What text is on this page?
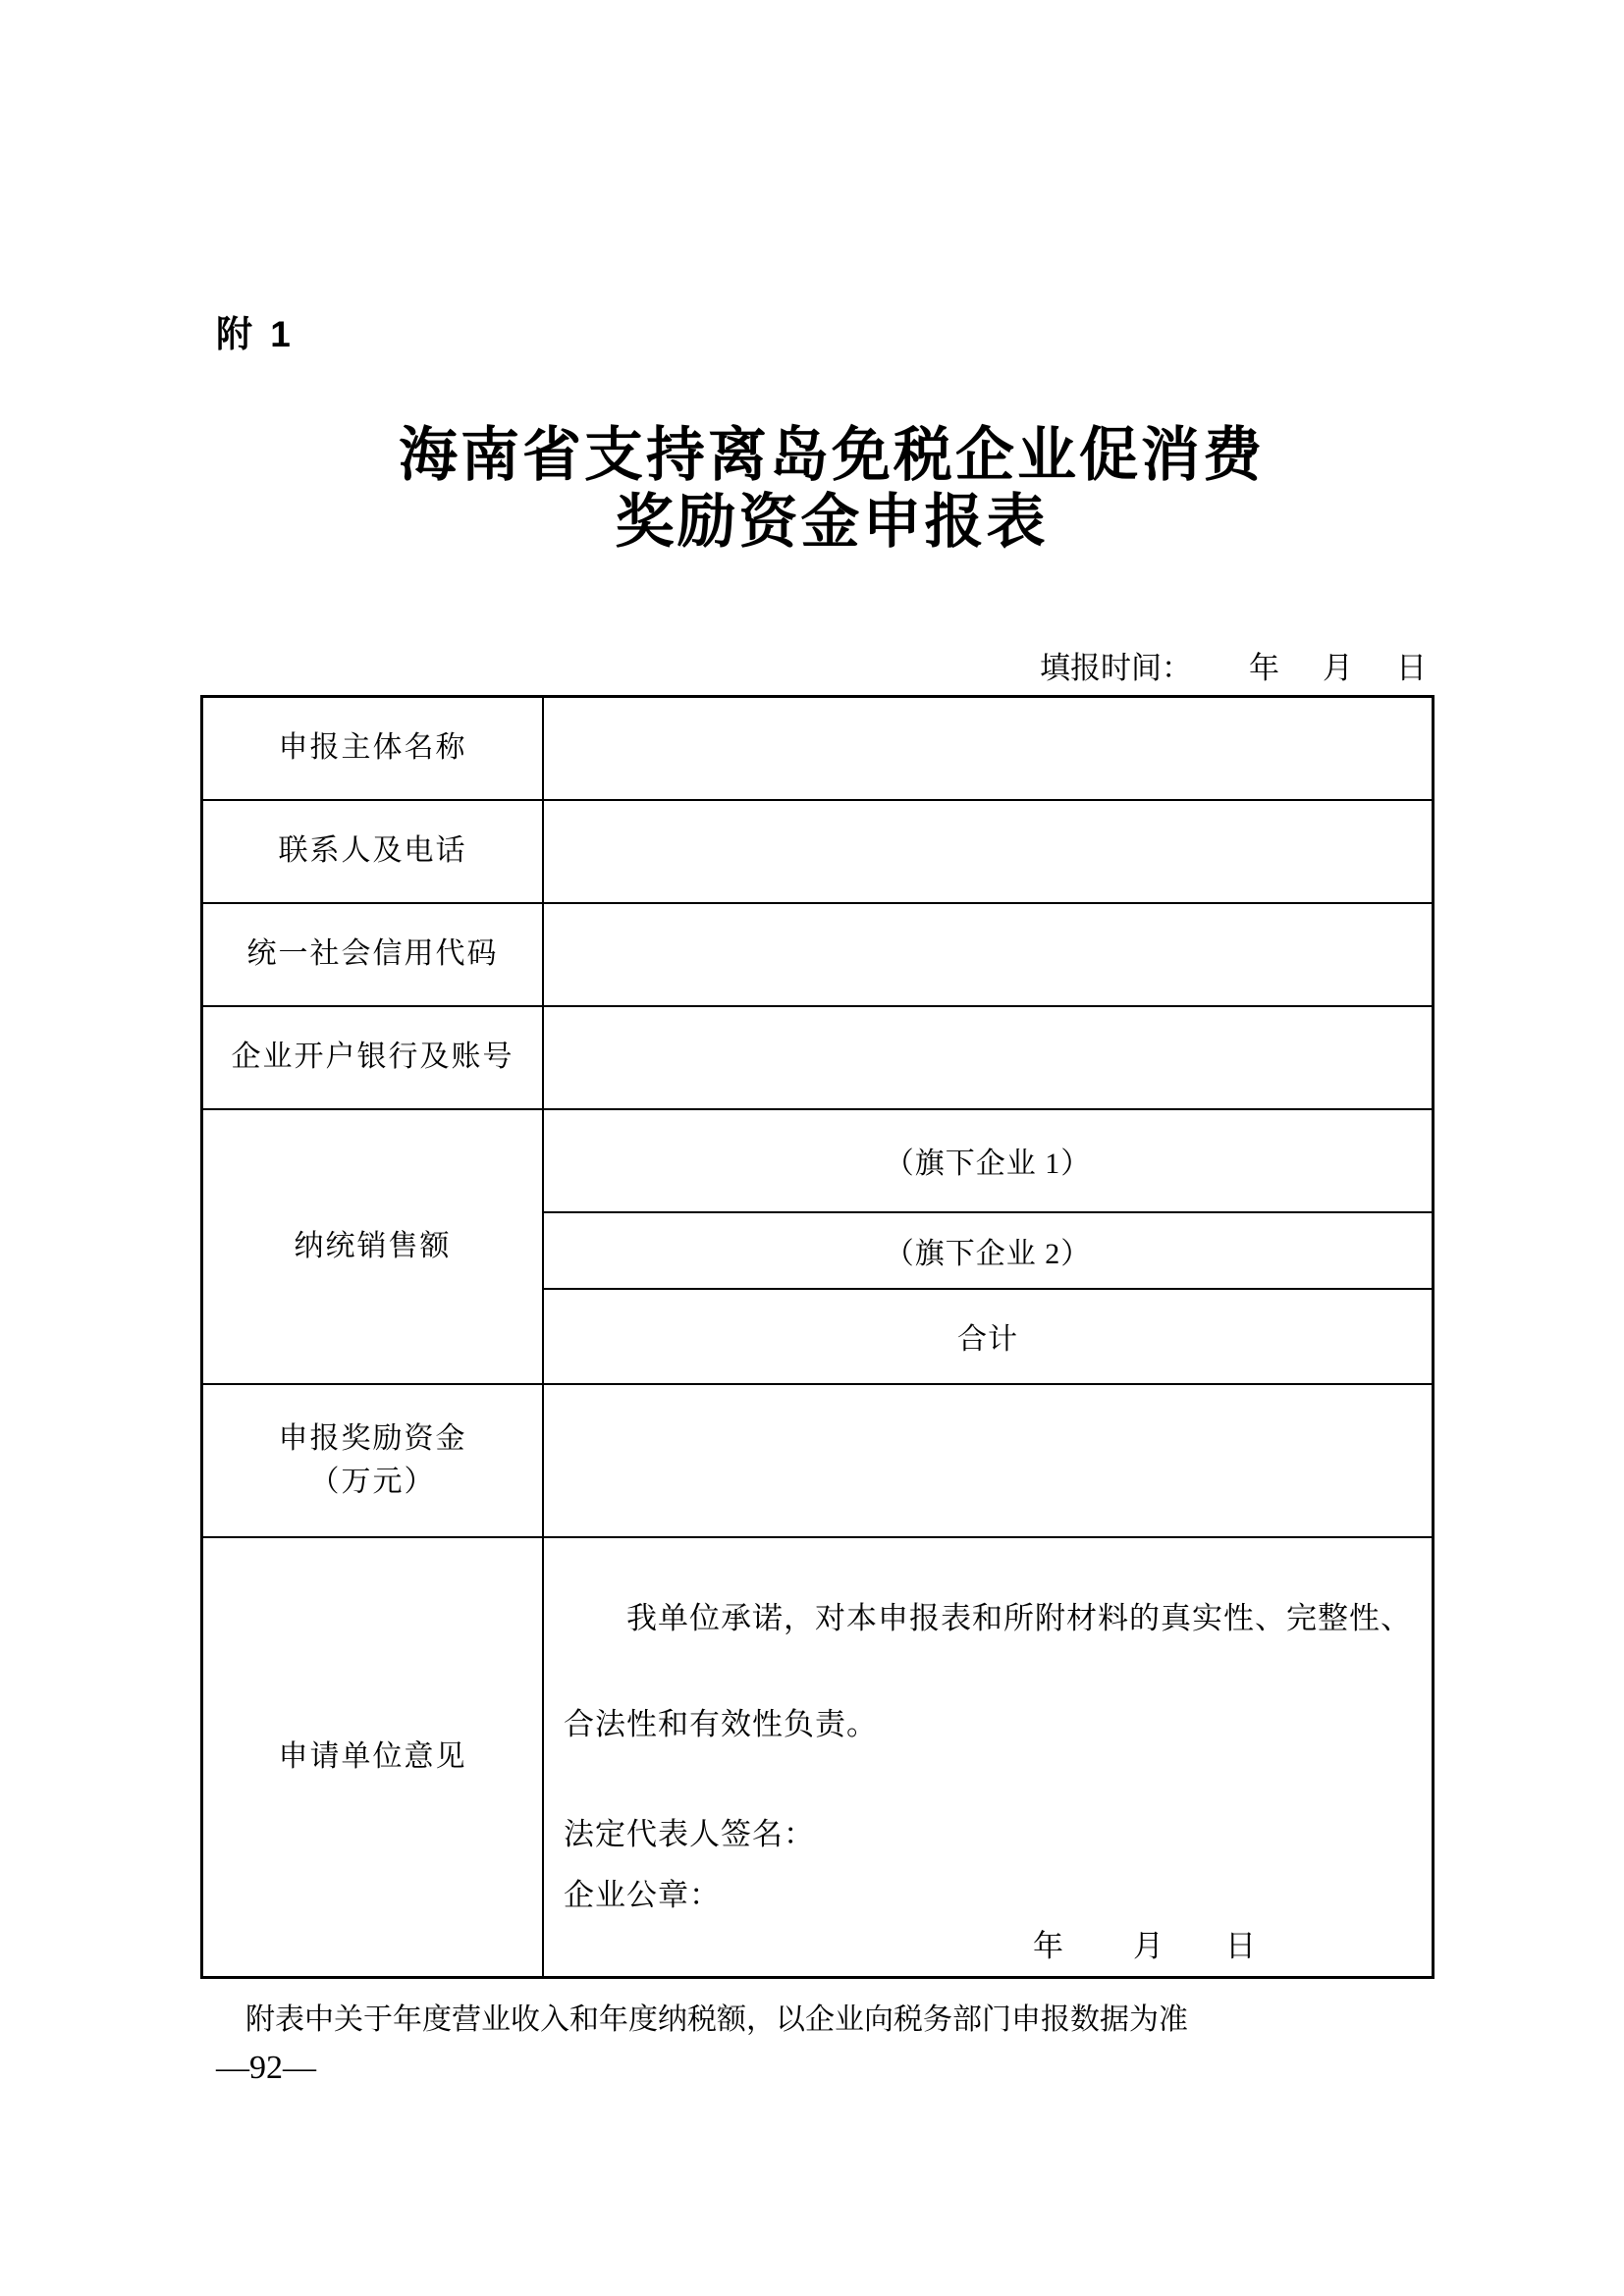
附 1
海南省支持离岛免税企业促消费
奖励资金申报表
填报时间： 年 月 日
申报主体名称	
联系人及电话	
统一社会信用代码	
企业开户银行及账号	
纳统销售额	（旗下企业 1）
	（旗下企业 2）
	合计

申报奖励资金
（万元）	

申请单位意见	我单位承诺，对本申报表和所附材料的真实性、完整性、
合法性和有效性负责。
法定代表人签名：
企业公章：
年 月 日
附表中关于年度营业收入和年度纳税额，以企业向税务部门申报数据为准
—92—
